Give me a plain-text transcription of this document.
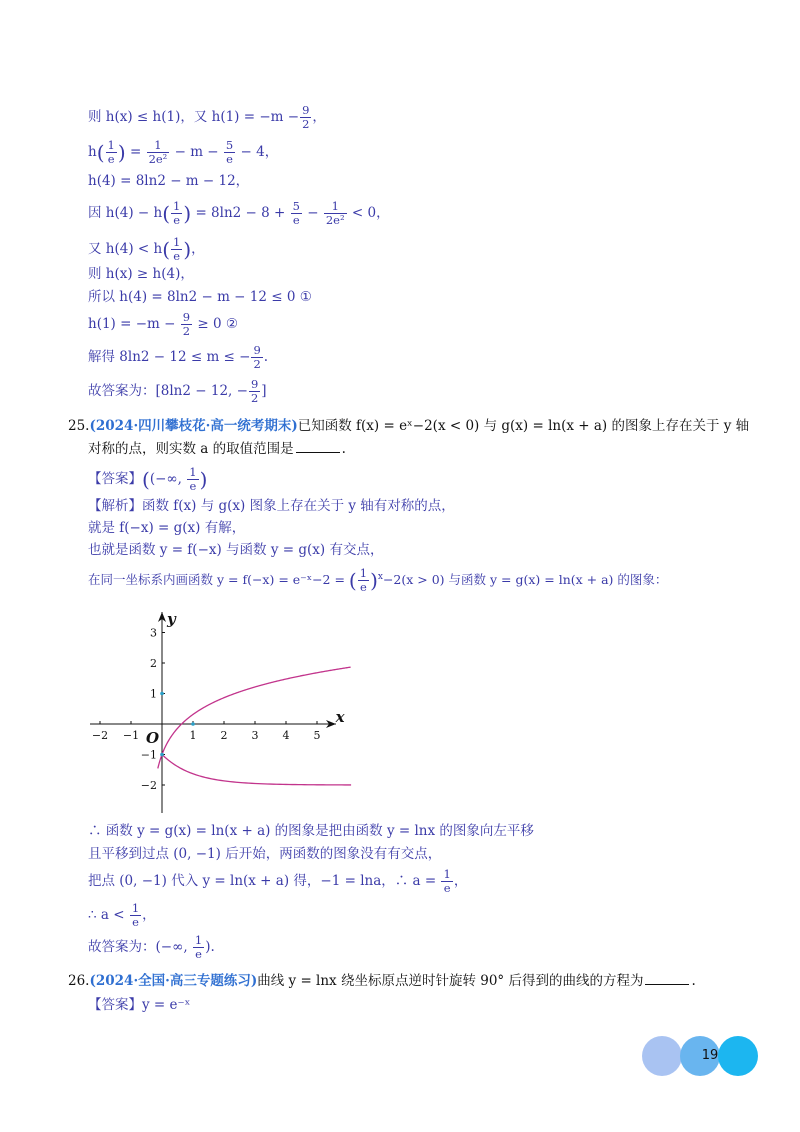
则 h(x) ≤ h(1)，又 $h(1) = -m - \frac{9}{2}$ ，
$h( \frac{1}{e}$ ) = $\frac{1}{\text{2e²}} - m - \frac{5}{e} - 4$，
h(4) = 8ln2 − m − 12，
因 $h(4) - h( \frac{1}{e}$ ) = $8\ln 2 - 8 + \frac{5}{e} - \frac{1}{\text{2e²}} < 0$，
又 $h(4) < h( \frac{1}{e}$ )，
则 h(x) ≥ h(4)，
所以 h(4) = 8ln2 − m − 12 ≤ 0 ①
$h(1) = -m - \frac{9}{2} \ge 0$ ②
解得 8ln2 − 12 ≤ m ≤ − $\frac{9}{2}$ .
故答案为：[8ln2 − 12, − $\frac{9}{2}$ ]
25.(2024·四川攀枝花·高一统考期末)已知函数 f(x) = eˣ−2(x < 0) 与 g(x) = ln(x + a) 的图象上存在关于 y 轴
对称的点，则实数 a 的取值范围是	.
【答案】((−∞, $\frac{1}{e}$ )
【解析】函数 f(x) 与 g(x) 图象上存在关于 y 轴有对称的点，
就是 f(−x) = g(x) 有解，
也就是函数 y = f(−x) 与函数 y = g(x) 有交点，
在同一坐标系内画函数 y = f(−x) = e⁻ˣ−2 = ( $\frac{1}{e} )^x-2(x > 0)$ 与函数 y = g(x) = ln(x + a) 的图象：
−2 −1	1 2 3 4 5
3
2
1
−1
−2
x
y
O
∴ 函数 y = g(x) = ln(x + a) 的图象是把由函数 y = lnx 的图象向左平移
且平移到过点 (0, −1) 后开始，两函数的图象没有有交点，
把点 (0, −1) 代入 y = ln(x + a) 得，−1 = lna，∴ $a = \frac{1}{e}$ ，
∴ $a < \frac{1}{e}$ ，
故答案为：(−∞, $\frac{1}{e}$ ).
26.(2024·全国·高三专题练习)曲线 y = lnx 绕坐标原点逆时针旋转 90° 后得到的曲线的方程为	.
【答案】y = e⁻ˣ
19
